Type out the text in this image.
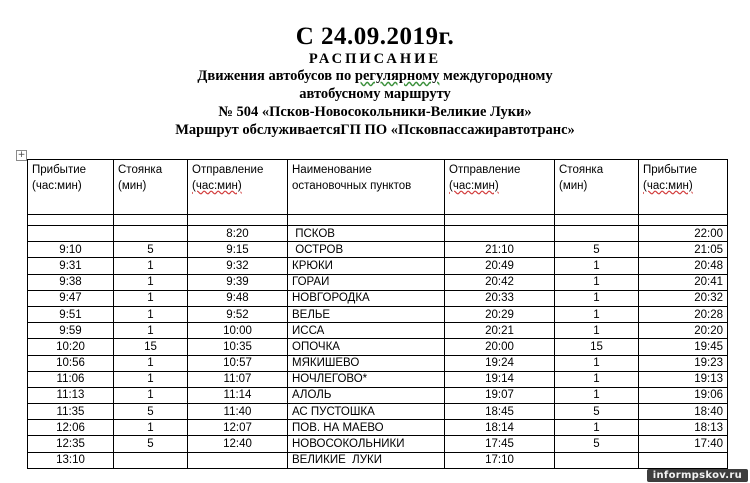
С 24.09.2019г.
РАСПИСАНИЕ
Движения автобусов по регулярному междугородному
автобусному маршруту
№ 504 «Псков-Новосокольники-Великие Луки»
Маршрут обслуживаетсяГП ПО «Псковпассажиравтотранс»
+
Прибытие
(час:мин)	Стоянка
(мин)	Отправление
(час:мин)	Наименование
остановочных пунктов	Отправление
(час:мин)	Стоянка
(мин)	Прибытие
(час:мин)

		8:20	ПСКОВ			22:00
9:10	5	9:15	ОСТРОВ	21:10	5	21:05
9:31	1	9:32	КРЮКИ	20:49	1	20:48
9:38	1	9:39	ГОРАИ	20:42	1	20:41
9:47	1	9:48	НОВГОРОДКА	20:33	1	20:32
9:51	1	9:52	ВЕЛЬЕ	20:29	1	20:28
9:59	1	10:00	ИССА	20:21	1	20:20
10:20	15	10:35	ОПОЧКА	20:00	15	19:45
10:56	1	10:57	МЯКИШЕВО	19:24	1	19:23
11:06	1	11:07	НОЧЛЕГОВО*	19:14	1	19:13
11:13	1	11:14	АЛОЛЬ	19:07	1	19:06
11:35	5	11:40	АС ПУСТОШКА	18:45	5	18:40
12:06	1	12:07	ПОВ. НА МАЕВО	18:14	1	18:13
12:35	5	12:40	НОВОСОКОЛЬНИКИ	17:45	5	17:40
13:10			ВЕЛИКИЕ  ЛУКИ	17:10		
informpskov.ru
